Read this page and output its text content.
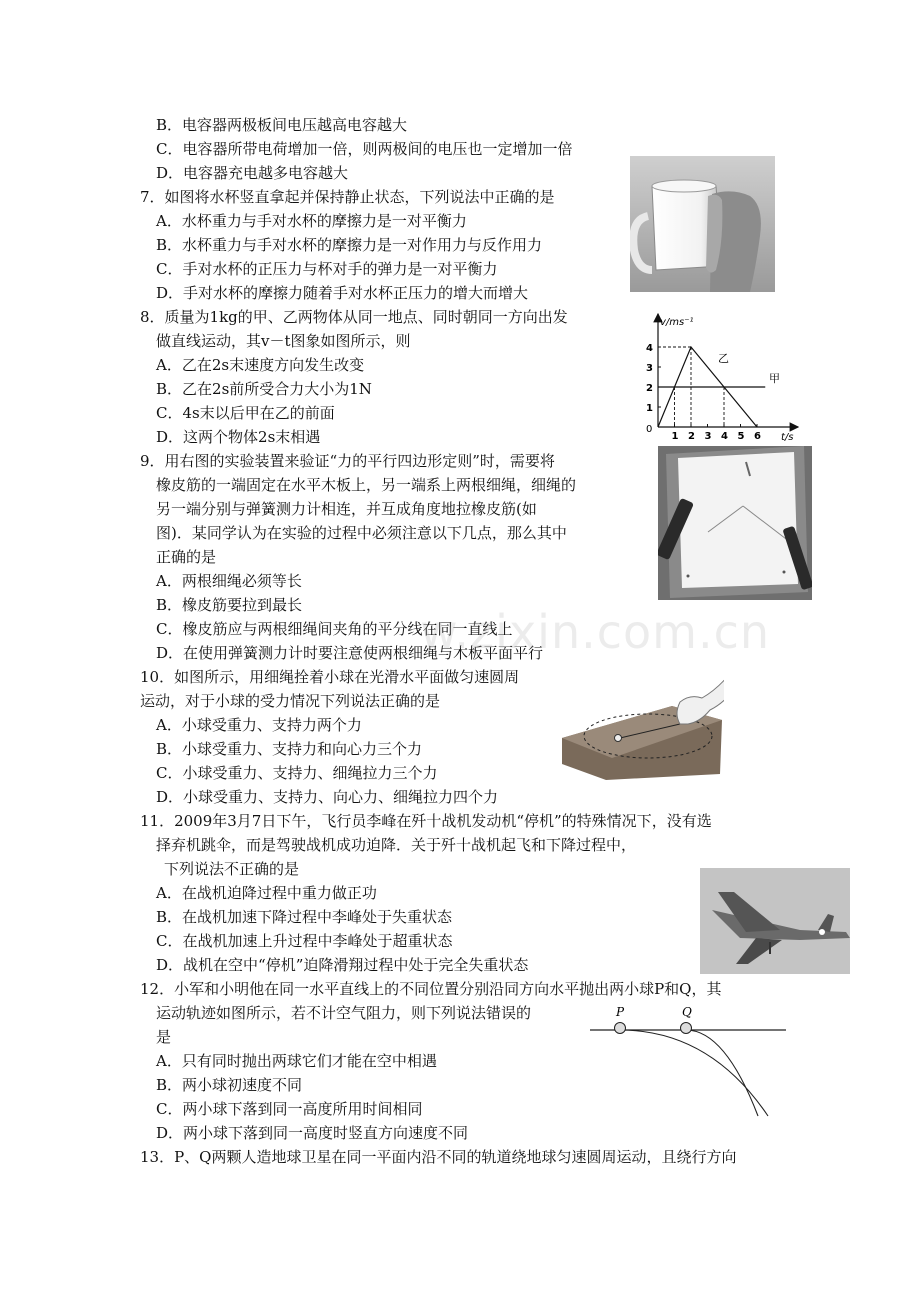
B．电容器两极板间电压越高电容越大
C．电容器所带电荷增加一倍，则两极间的电压也一定增加一倍
D．电容器充电越多电容越大
7．如图将水杯竖直拿起并保持静止状态，下列说法中正确的是
A．水杯重力与手对水杯的摩擦力是一对平衡力
B．水杯重力与手对水杯的摩擦力是一对作用力与反作用力
C．手对水杯的正压力与杯对手的弹力是一对平衡力
D．手对水杯的摩擦力随着手对水杯正压力的增大而增大
8．质量为1kg的甲、乙两物体从同一地点、同时朝同一方向出发
做直线运动，其v－t图象如图所示，则
A．乙在2s末速度方向发生改变
B．乙在2s前所受合力大小为1N
C．4s末以后甲在乙的前面
D．这两个物体2s末相遇
9．用右图的实验装置来验证“力的平行四边形定则”时，需要将
橡皮筋的一端固定在水平木板上，另一端系上两根细绳，细绳的
另一端分别与弹簧测力计相连，并互成角度地拉橡皮筋(如
图)．某同学认为在实验的过程中必须注意以下几点，那么其中
正确的是
A．两根细绳必须等长
B．橡皮筋要拉到最长
C．橡皮筋应与两根细绳间夹角的平分线在同一直线上
D．在使用弹簧测力计时要注意使两根细绳与木板平面平行
10．如图所示，用细绳拴着小球在光滑水平面做匀速圆周
运动，对于小球的受力情况下列说法正确的是
A．小球受重力、支持力两个力
B．小球受重力、支持力和向心力三个力
C．小球受重力、支持力、细绳拉力三个力
D．小球受重力、支持力、向心力、细绳拉力四个力
11．2009年3月7日下午，飞行员李峰在歼十战机发动机“停机”的特殊情况下，没有选
择弃机跳伞，而是驾驶战机成功迫降．关于歼十战机起飞和下降过程中，
下列说法不正确的是
A．在战机迫降过程中重力做正功
B．在战机加速下降过程中李峰处于失重状态
C．在战机加速上升过程中李峰处于超重状态
D．战机在空中“停机”迫降滑翔过程中处于完全失重状态
12．小军和小明他在同一水平直线上的不同位置分别沿同方向水平抛出两小球P和Q，其
运动轨迹如图所示，若不计空气阻力，则下列说法错误的
是
A．只有同时抛出两球它们才能在空中相遇
B．两小球初速度不同
C．两小球下落到同一高度所用时间相同
D．两小球下落到同一高度时竖直方向速度不同
13．P、Q两颗人造地球卫星在同一平面内沿不同的轨道绕地球匀速圆周运动，且绕行方向
w.zixin.com.cn
v/ms⁻¹
t/s
0
1 2 3 4 5 6
1
2
3
4
乙
甲
P	Q
